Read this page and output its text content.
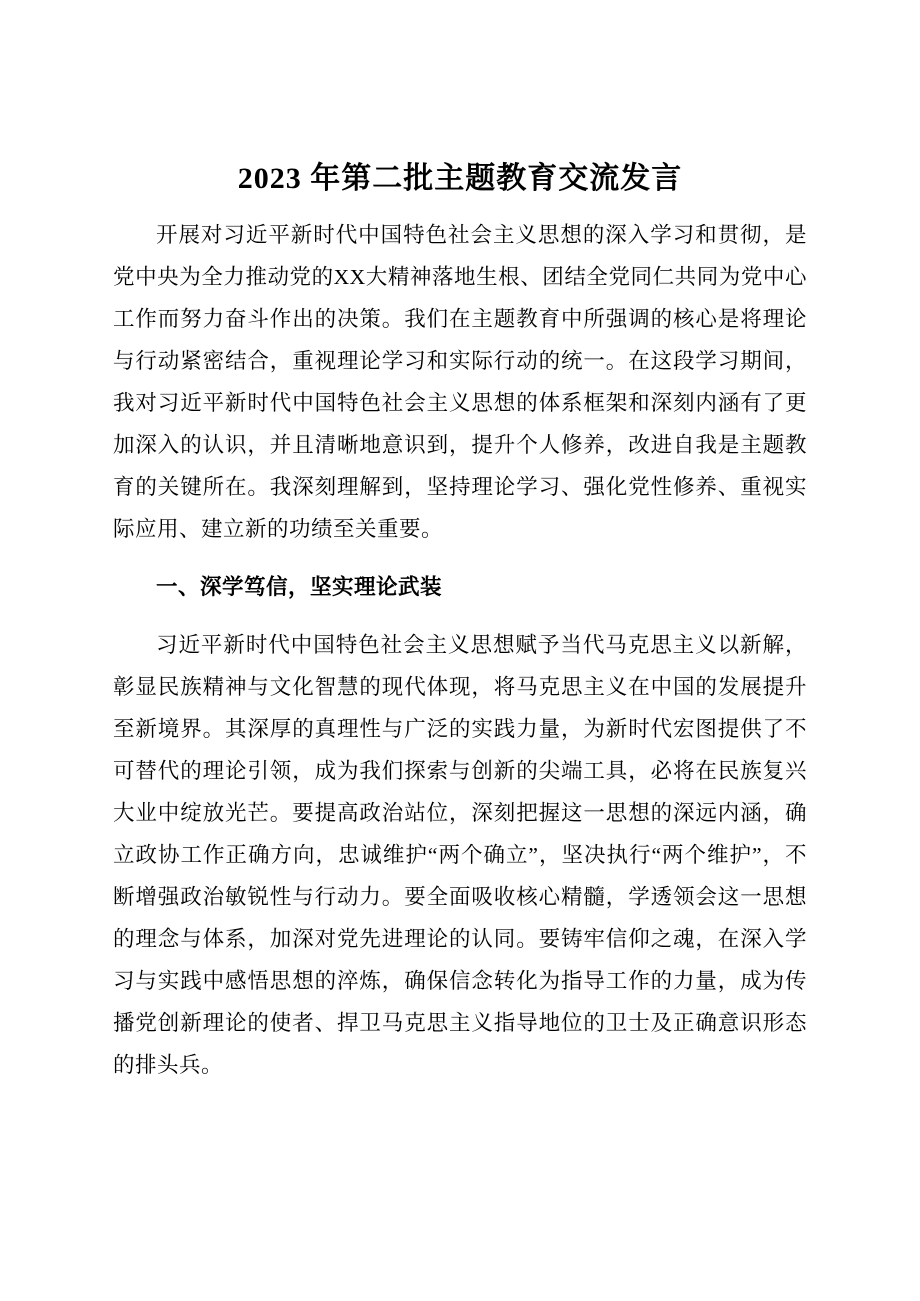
2023 年第二批主题教育交流发言

开展对习近平新时代中国特色社会主义思想的深入学习和贯彻，是党中央为全力推动党的XX大精神落地生根、团结全党同仁共同为党中心工作而努力奋斗作出的决策。我们在主题教育中所强调的核心是将理论与行动紧密结合，重视理论学习和实际行动的统一。在这段学习期间，我对习近平新时代中国特色社会主义思想的体系框架和深刻内涵有了更加深入的认识，并且清晰地意识到，提升个人修养，改进自我是主题教育的关键所在。我深刻理解到，坚持理论学习、强化党性修养、重视实际应用、建立新的功绩至关重要。

一、深学笃信，坚实理论武装

习近平新时代中国特色社会主义思想赋予当代马克思主义以新解，彰显民族精神与文化智慧的现代体现，将马克思主义在中国的发展提升至新境界。其深厚的真理性与广泛的实践力量，为新时代宏图提供了不可替代的理论引领，成为我们探索与创新的尖端工具，必将在民族复兴大业中绽放光芒。要提高政治站位，深刻把握这一思想的深远内涵，确立政协工作正确方向，忠诚维护“两个确立”，坚决执行“两个维护”，不断增强政治敏锐性与行动力。要全面吸收核心精髓，学透领会这一思想的理念与体系，加深对党先进理论的认同。要铸牢信仰之魂，在深入学习与实践中感悟思想的淬炼，确保信念转化为指导工作的力量，成为传播党创新理论的使者、捍卫马克思主义指导地位的卫士及正确意识形态的排头兵。
